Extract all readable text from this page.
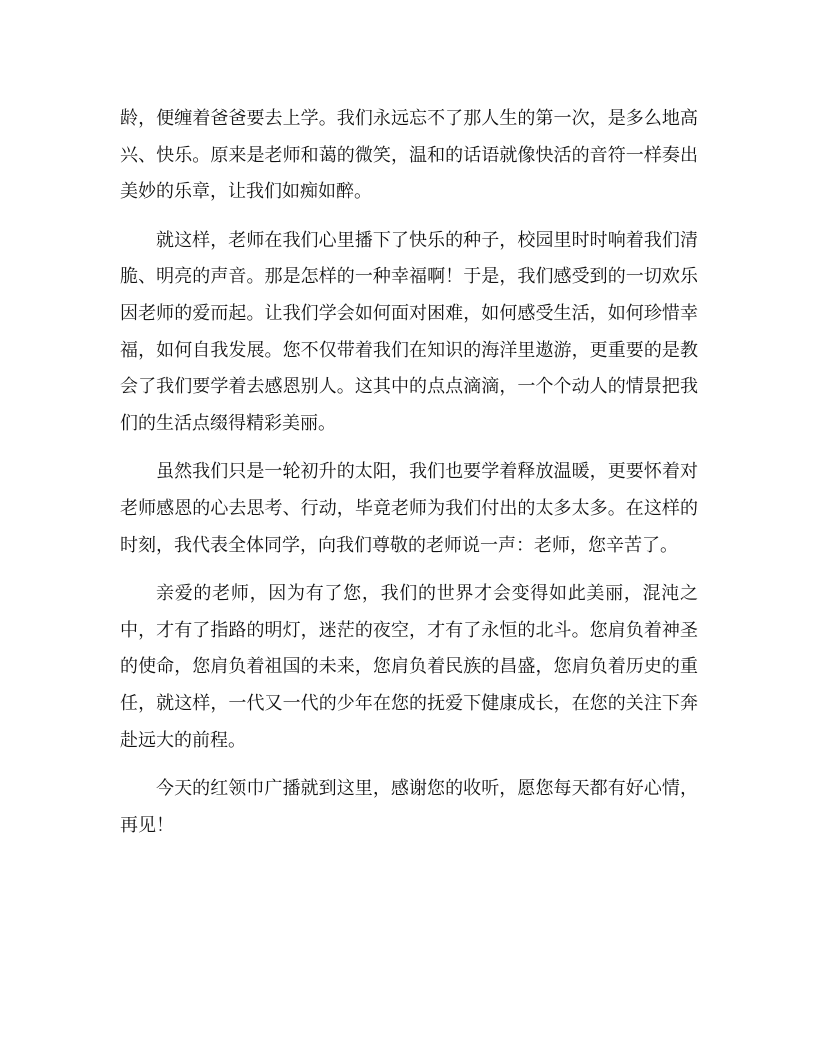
龄，便缠着爸爸要去上学。我们永远忘不了那人生的第一次，是多么地高兴、快乐。原来是老师和蔼的微笑，温和的话语就像快活的音符一样奏出美妙的乐章，让我们如痴如醉。

就这样，老师在我们心里播下了快乐的种子，校园里时时响着我们清脆、明亮的声音。那是怎样的一种幸福啊！于是，我们感受到的一切欢乐因老师的爱而起。让我们学会如何面对困难，如何感受生活，如何珍惜幸福，如何自我发展。您不仅带着我们在知识的海洋里遨游，更重要的是教会了我们要学着去感恩别人。这其中的点点滴滴，一个个动人的情景把我们的生活点缀得精彩美丽。

虽然我们只是一轮初升的太阳，我们也要学着释放温暖，更要怀着对老师感恩的心去思考、行动，毕竟老师为我们付出的太多太多。在这样的时刻，我代表全体同学，向我们尊敬的老师说一声：老师，您辛苦了。

亲爱的老师，因为有了您，我们的世界才会变得如此美丽，混沌之中，才有了指路的明灯，迷茫的夜空，才有了永恒的北斗。您肩负着神圣的使命，您肩负着祖国的未来，您肩负着民族的昌盛，您肩负着历史的重任，就这样，一代又一代的少年在您的抚爱下健康成长，在您的关注下奔赴远大的前程。

今天的红领巾广播就到这里，感谢您的收听，愿您每天都有好心情，再见！
